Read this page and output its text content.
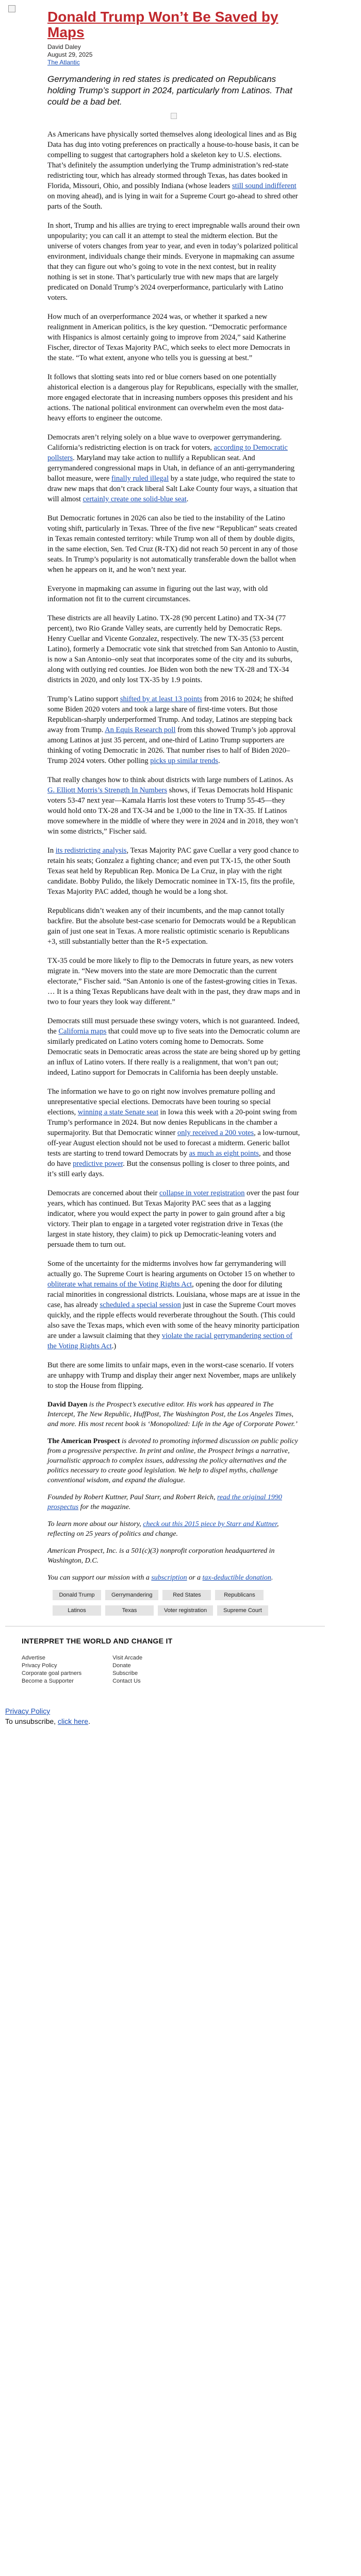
Donald Trump Won’t Be Saved by Maps
David Daley
August 29, 2025
The Atlantic
Gerrymandering in red states is predicated on Republicans holding Trump’s support in 2024, particularly from Latinos. That could be a bad bet.

As Americans have physically sorted themselves along ideological lines and as Big Data has dug into voting preferences on practically a house-to-house basis, it can be compelling to suggest that cartographers hold a skeleton key to U.S. elections. That’s definitely the assumption underlying the Trump administration’s red-state redistricting tour, which has already stormed through Texas, has dates booked in Florida, Missouri, Ohio, and possibly Indiana (whose leaders still sound indifferent on moving ahead), and is lying in wait for a Supreme Court go-ahead to shred other parts of the South.

In short, Trump and his allies are trying to erect impregnable walls around their own unpopularity; you can call it an attempt to steal the midterm election. But the universe of voters changes from year to year, and even in today’s polarized political environment, individuals change their minds. Everyone in mapmaking can assume that they can figure out who’s going to vote in the next contest, but in reality nothing is set in stone. That’s particularly true with new maps that are largely predicated on Donald Trump’s 2024 overperformance, particularly with Latino voters.

How much of an overperformance 2024 was, or whether it sparked a new realignment in American politics, is the key question. “Democratic performance with Hispanics is almost certainly going to improve from 2024,” said Katherine Fischer, director of Texas Majority PAC, which seeks to elect more Democrats in the state. “To what extent, anyone who tells you is guessing at best.”

It follows that slotting seats into red or blue corners based on one potentially ahistorical election is a dangerous play for Republicans, especially with the smaller, more engaged electorate that in increasing numbers opposes this president and his actions. The national political environment can overwhelm even the most data-heavy efforts to engineer the outcome.

Democrats aren’t relying solely on a blue wave to overpower gerrymandering. California’s redistricting election is on track for voters, according to Democratic pollsters. Maryland may take action to nullify a Republican seat. And gerrymandered congressional maps in Utah, in defiance of an anti-gerrymandering ballot measure, were finally ruled illegal by a state judge, who required the state to draw new maps that don’t crack liberal Salt Lake County four ways, a situation that will almost certainly create one solid-blue seat.

But Democratic fortunes in 2026 can also be tied to the instability of the Latino voting shift, particularly in Texas. Three of the five new “Republican” seats created in Texas remain contested territory: while Trump won all of them by double digits, in the same election, Sen. Ted Cruz (R-TX) did not reach 50 percent in any of those seats. In Trump’s popularity is not automatically transferable down the ballot when when he appears on it, and he won’t next year.

Everyone in mapmaking can assume in figuring out the last way, with old information not fit to the current circumstances.

These districts are all heavily Latino. TX-28 (90 percent Latino) and TX-34 (77 percent), two Rio Grande Valley seats, are currently held by Democratic Reps. Henry Cuellar and Vicente Gonzalez, respectively. The new TX-35 (53 percent Latino), formerly a Democratic vote sink that stretched from San Antonio to Austin, is now a San Antonio–only seat that incorporates some of the city and its suburbs, along with outlying red counties. Joe Biden won both the new TX-28 and TX-34 districts in 2020, and only lost TX-35 by 1.9 points.

Trump’s Latino support shifted by at least 13 points from 2016 to 2024; he shifted some Biden 2020 voters and took a large share of first-time voters. But those Republican-sharply underperformed Trump. And today, Latinos are stepping back away from Trump. An Equis Research poll from this showed Trump’s job approval among Latinos at just 35 percent, and one-third of Latino Trump supporters are thinking of voting Democratic in 2026. That number rises to half of Biden 2020–Trump 2024 voters. Other polling picks up similar trends.

That really changes how to think about districts with large numbers of Latinos. As G. Elliott Morris’s Strength In Numbers shows, if Texas Democrats hold Hispanic voters 53-47 next year—Kamala Harris lost these voters to Trump 55-45—they would hold onto TX-28 and TX-34 and be 1,000 to the line in TX-35. If Latinos move somewhere in the middle of where they were in 2024 and in 2018, they won’t win some districts,” Fischer said.

In its redistricting analysis, Texas Majority PAC gave Cuellar a very good chance to retain his seats; Gonzalez a fighting chance; and even put TX-15, the other South Texas seat held by Republican Rep. Monica De La Cruz, in play with the right candidate. Bobby Pulido, the likely Democratic nominee in TX-15, fits the profile, Texas Majority PAC added, though he would be a long shot.

Republicans didn’t weaken any of their incumbents, and the map cannot totally backfire. But the absolute best-case scenario for Democrats would be a Republican gain of just one seat in Texas. A more realistic optimistic scenario is Republicans +3, still substantially better than the R+5 expectation.

TX-35 could be more likely to flip to the Democrats in future years, as new voters migrate in. “New movers into the state are more Democratic than the current electorate,” Fischer said. “San Antonio is one of the fastest-growing cities in Texas. … It is a thing Texas Republicans have dealt with in the past, they draw maps and in two to four years they look way different.”

Democrats still must persuade these swingy voters, which is not guaranteed. Indeed, the California maps that could move up to five seats into the Democratic column are similarly predicated on Latino voters coming home to Democrats. Some Democratic seats in Democratic areas across the state are being shored up by getting an influx of Latino voters. If there really is a realignment, that won’t pan out; indeed, Latino support for Democrats in California has been deeply unstable.

The information we have to go on right now involves premature polling and unrepresentative special elections. Democrats have been touring so special elections, winning a state Senate seat in Iowa this week with a 20-point swing from Trump’s performance in 2024. But now denies Republicans in the chamber a supermajority. But that Democratic winner only received a 200 votes, a low-turnout, off-year August election should not be used to forecast a midterm. Generic ballot tests are starting to trend toward Democrats by as much as eight points, and those do have predictive power. But the consensus polling is closer to three points, and it’s still early days.

Democrats are concerned about their collapse in voter registration over the past four years, which has continued. But Texas Majority PAC sees that as a lagging indicator, where you would expect the party in power to gain ground after a big victory. Their plan to engage in a targeted voter registration drive in Texas (the largest in state history, they claim) to pick up Democratic-leaning voters and persuade them to turn out.

Some of the uncertainty for the midterms involves how far gerrymandering will actually go. The Supreme Court is hearing arguments on October 15 on whether to obliterate what remains of the Voting Rights Act, opening the door for diluting racial minorities in congressional districts. Louisiana, whose maps are at issue in the case, has already scheduled a special session just in case the Supreme Court moves quickly, and the ripple effects would reverberate throughout the South. (This could also save the Texas maps, which even with some of the heavy minority participation are under a lawsuit claiming that they violate the racial gerrymandering section of the Voting Rights Act.)

But there are some limits to unfair maps, even in the worst-case scenario. If voters are unhappy with Trump and display their anger next November, maps are unlikely to stop the House from flipping.

David Dayen is the Prospect’s executive editor. His work has appeared in The Intercept, The New Republic, HuffPost, The Washington Post, the Los Angeles Times, and more. His most recent book is ‘Monopolized: Life in the Age of Corporate Power.’

The American Prospect is devoted to promoting informed discussion on public policy from a progressive perspective. In print and online, the Prospect brings a narrative, journalistic approach to complex issues, addressing the policy alternatives and the politics necessary to create good legislation. We help to dispel myths, challenge conventional wisdom, and expand the dialogue.

Founded by Robert Kuttner, Paul Starr, and Robert Reich, read the original 1990 prospectus for the magazine.

To learn more about our history, check out this 2015 piece by Starr and Kuttner, reflecting on 25 years of politics and change.

American Prospect, Inc. is a 501(c)(3) nonprofit corporation headquartered in Washington, D.C.

You can support our mission with a subscription or a tax-deductible donation.

Donald Trump	Gerrymandering	Red States	Republicans
Latinos	Texas	Voter registration	Supreme Court
INTERPRET THE WORLD AND CHANGE IT
Advertise
Privacy Policy
Corporate goal partners
Become a Supporter
Visit Arcade
Donate
Subscribe
Contact Us
Privacy Policy
To unsubscribe, click here.
